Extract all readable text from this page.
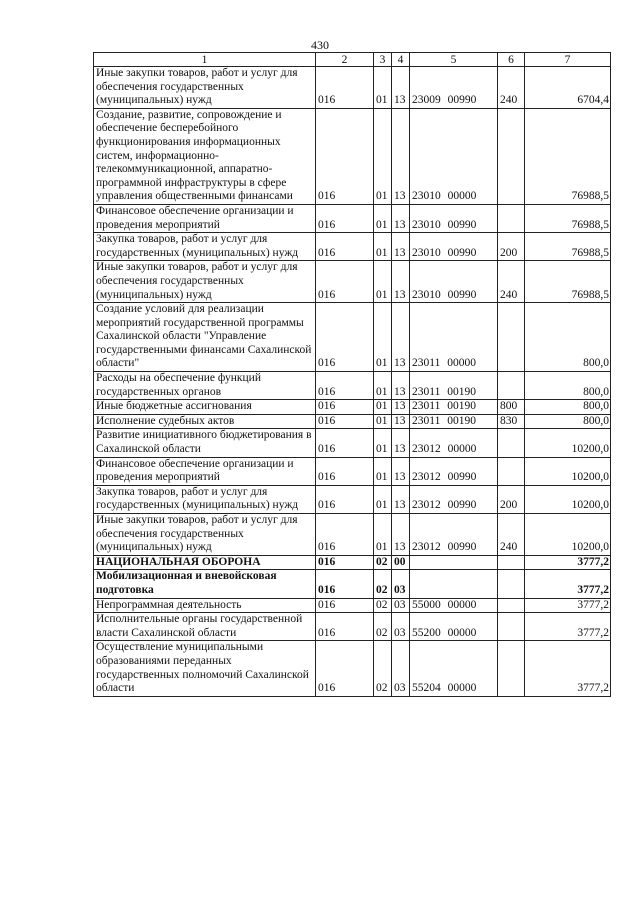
430
1	2	3	4	5	6	7
Иные закупки товаров, работ и услуг для обеспечения государственных (муниципальных) нужд	016	01	13	23009 00990	240	6704,4
Создание, развитие, сопровождение и обеспечение бесперебойного функционирования информационных систем, информационно-телекоммуникационной, аппаратно-программной инфраструктуры в сфере управления общественными финансами	016	01	13	23010 00000		76988,5
Финансовое обеспечение организации и проведения мероприятий	016	01	13	23010 00990		76988,5
Закупка товаров, работ и услуг для государственных (муниципальных) нужд	016	01	13	23010 00990	200	76988,5
Иные закупки товаров, работ и услуг для обеспечения государственных (муниципальных) нужд	016	01	13	23010 00990	240	76988,5
Создание условий для реализации мероприятий государственной программы Сахалинской области "Управление государственными финансами Сахалинской области"	016	01	13	23011 00000		800,0
Расходы на обеспечение функций государственных органов	016	01	13	23011 00190		800,0
Иные бюджетные ассигнования	016	01	13	23011 00190	800	800,0
Исполнение судебных актов	016	01	13	23011 00190	830	800,0
Развитие инициативного бюджетирования в Сахалинской области	016	01	13	23012 00000		10200,0
Финансовое обеспечение организации и проведения мероприятий	016	01	13	23012 00990		10200,0
Закупка товаров, работ и услуг для государственных (муниципальных) нужд	016	01	13	23012 00990	200	10200,0
Иные закупки товаров, работ и услуг для обеспечения государственных (муниципальных) нужд	016	01	13	23012 00990	240	10200,0
НАЦИОНАЛЬНАЯ ОБОРОНА	016	02	00			3777,2
Мобилизационная и вневойсковая подготовка	016	02	03			3777,2
Непрограммная деятельность	016	02	03	55000 00000		3777,2
Исполнительные органы государственной власти Сахалинской области	016	02	03	55200 00000		3777,2
Осуществление муниципальными образованиями переданных государственных полномочий Сахалинской области	016	02	03	55204 00000		3777,2
